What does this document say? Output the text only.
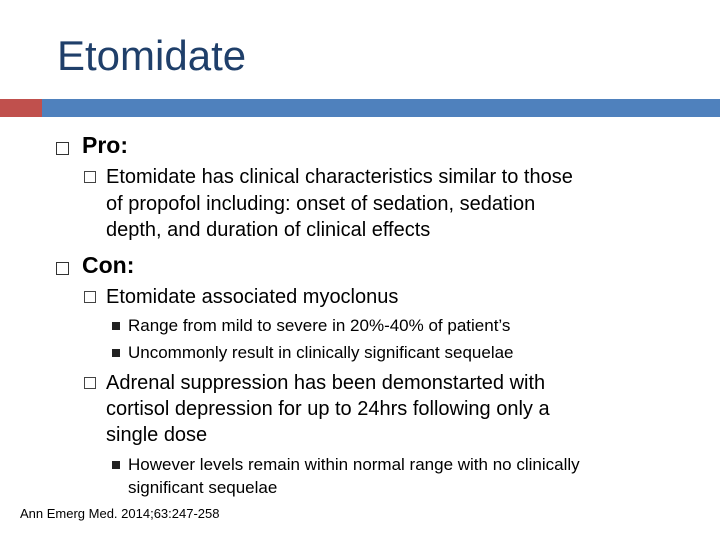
Etomidate
Pro:
Etomidate has clinical characteristics similar to those
of propofol including: onset of sedation, sedation
depth, and duration of clinical effects
Con:
Etomidate associated myoclonus
Range from mild to severe in 20%-40% of patient’s
Uncommonly result in clinically significant sequelae
Adrenal suppression has been demonstarted with
cortisol depression for up to 24hrs following only a
single dose
However levels remain within normal range with no clinically
significant sequelae
Ann Emerg Med. 2014;63:247-258
